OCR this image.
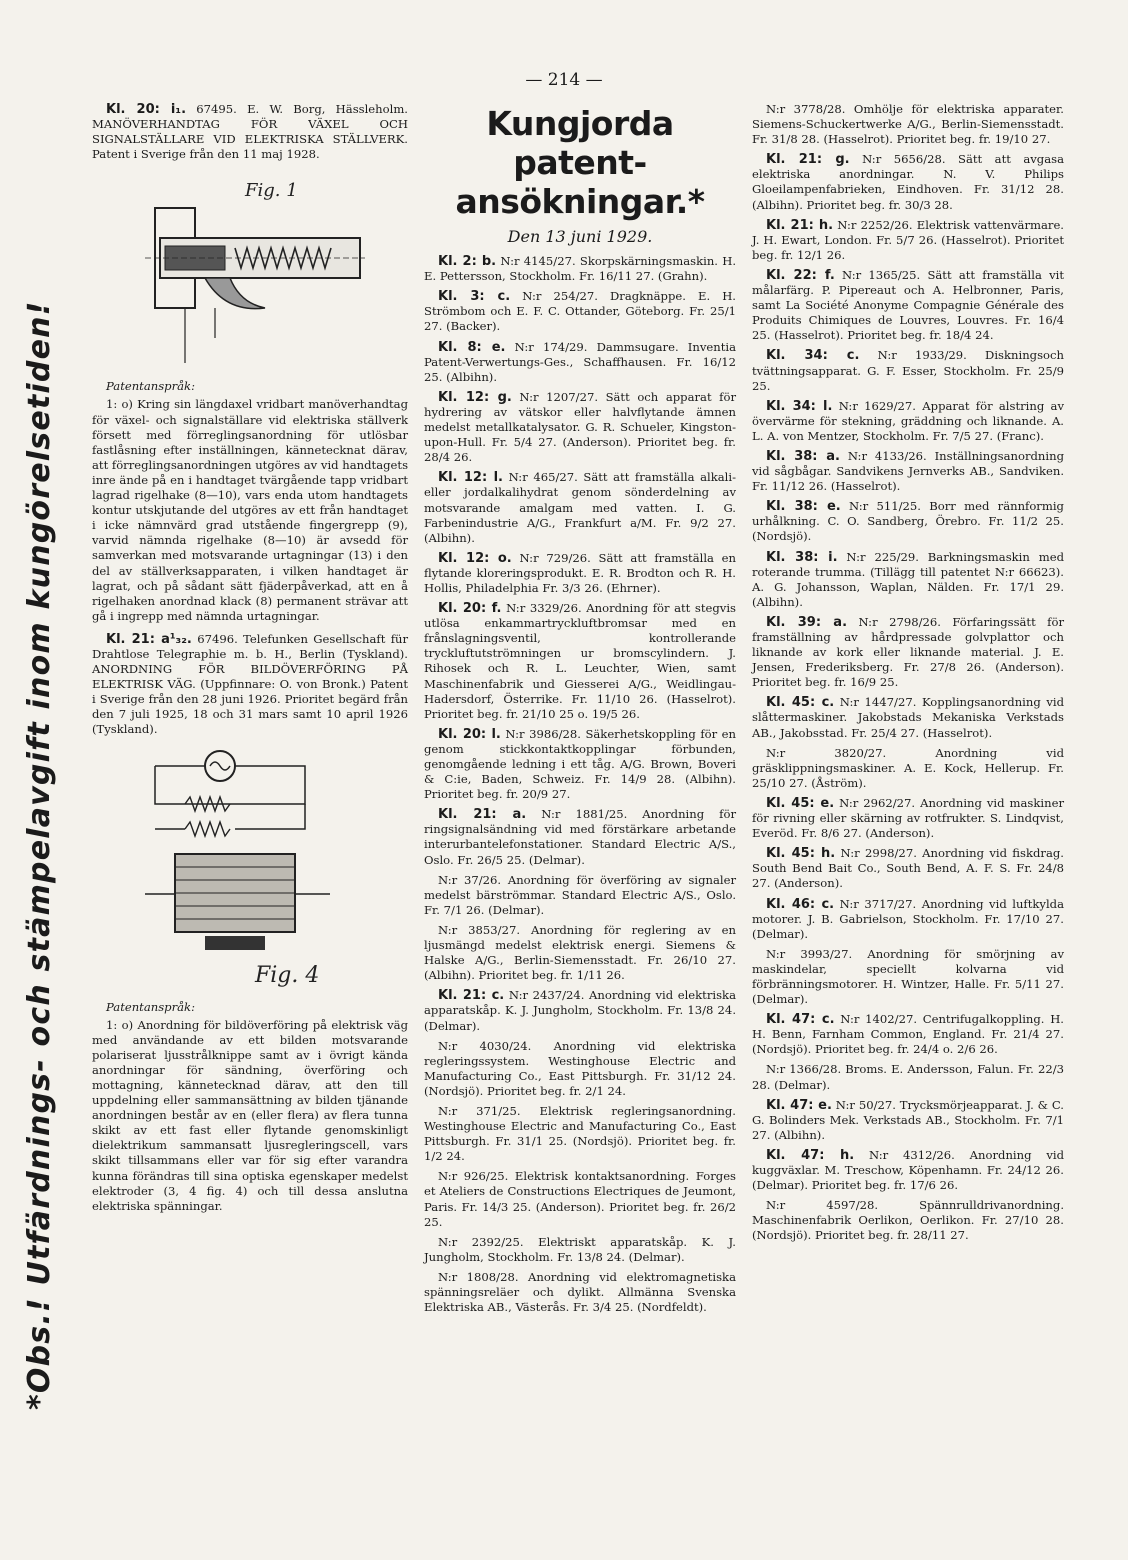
— 214 —
*Obs.! Utfärdnings- och stämpelavgift inom kungörelsetiden!

Kl. 20: i₁. 67495. E. W. Borg, Hässleholm. MANÖVERHANDTAG FÖR VÄXEL OCH SIGNALSTÄLLARE VID ELEKTRISKA STÄLLVERK. Patent i Sverige från den 11 maj 1928.

Fig. 1
Patentanspråk:

1: o) Kring sin längdaxel vridbart manöverhandtag för växel- och signalställare vid elektriska ställverk försett med förreglingsanordning för utlösbar fastlåsning efter inställningen, kännetecknat därav, att förreglingsanordningen utgöres av vid handtagets inre ände på en i handtaget tvärgående tapp vridbart lagrad rigelhake (8—10), vars enda utom handtagets kontur utskjutande del utgöres av ett från handtaget i icke nämnvärd grad utstående fingergrepp (9), varvid nämnda rigelhake (8—10) är avsedd för samverkan med motsvarande urtagningar (13) i den del av ställverksapparaten, i vilken handtaget är lagrat, och på sådant sätt fjäderpåverkad, att en å rigelhaken anordnad klack (8) permanent strävar att gå i ingrepp med nämnda urtagningar.

Kl. 21: a¹₃₂. 67496. Telefunken Gesellschaft für Drahtlose Telegraphie m. b. H., Berlin (Tyskland). ANORDNING FÖR BILDÖVERFÖRING PÅ ELEKTRISK VÄG. (Uppfinnare: O. von Bronk.) Patent i Sverige från den 28 juni 1926. Prioritet begärd från den 7 juli 1925, 18 och 31 mars samt 10 april 1926 (Tyskland).

Fig. 4
Patentanspråk:

1: o) Anordning för bildöverföring på elektrisk väg med användande av ett bilden motsvarande polariserat ljusstrålknippe samt av i övrigt kända anordningar för sändning, överföring och mottagning, kännetecknad därav, att den till uppdelning eller sammansättning av bilden tjänande anordningen består av en (eller flera) av flera tunna skikt av ett fast eller flytande genomskinligt dielektrikum sammansatt ljusregleringscell, vars skikt tillsammans eller var för sig efter varandra kunna förändras till sina optiska egenskaper medelst elektroder (3, 4 fig. 4) och till dessa anslutna elektriska spänningar.

Kungjorda patent-ansökningar.*
Den 13 juni 1929.

Kl. 2: b. N:r 4145/27. Skorpskärningsmaskin. H. E. Pettersson, Stockholm. Fr. 16/11 27. (Grahn).

Kl. 3: c. N:r 254/27. Dragknäppe. E. H. Strömbom och E. F. C. Ottander, Göteborg. Fr. 25/1 27. (Backer).

Kl. 8: e. N:r 174/29. Dammsugare. Inventia Patent-Verwertungs-Ges., Schaffhausen. Fr. 16/12 25. (Albihn).

Kl. 12: g. N:r 1207/27. Sätt och apparat för hydrering av vätskor eller halvflytande ämnen medelst metallkatalysator. G. R. Schueler, Kingston-upon-Hull. Fr. 5/4 27. (Anderson). Prioritet beg. fr. 28/4 26.

Kl. 12: l. N:r 465/27. Sätt att framställa alkali- eller jordalkalihydrat genom sönderdelning av motsvarande amalgam med vatten. I. G. Farbenindustrie A/G., Frankfurt a/M. Fr. 9/2 27. (Albihn).

Kl. 12: o. N:r 729/26. Sätt att framställa en flytande kloreringsprodukt. E. R. Brodton och R. H. Hollis, Philadelphia Fr. 3/3 26. (Ehrner).

Kl. 20: f. N:r 3329/26. Anordning för att stegvis utlösa enkammartryckluftbromsar med en frånslagningsventil, kontrollerande tryckluftutströmningen ur bromscylindern. J. Rihosek och R. L. Leuchter, Wien, samt Maschinenfabrik und Giesserei A/G., Weidlingau-Hadersdorf, Österrike. Fr. 11/10 26. (Hasselrot). Prioritet beg. fr. 21/10 25 o. 19/5 26.

Kl. 20: l. N:r 3986/28. Säkerhetskoppling för en genom stickkontaktkopplingar förbunden, genomgående ledning i ett tåg. A/G. Brown, Boveri & C:ie, Baden, Schweiz. Fr. 14/9 28. (Albihn). Prioritet beg. fr. 20/9 27.

Kl. 21: a. N:r 1881/25. Anordning för ringsignalsändning vid med förstärkare arbetande interurbantelefonstationer. Standard Electric A/S., Oslo. Fr. 26/5 25. (Delmar).

N:r 37/26. Anordning för överföring av signaler medelst bärströmmar. Standard Electric A/S., Oslo. Fr. 7/1 26. (Delmar).

N:r 3853/27. Anordning för reglering av en ljusmängd medelst elektrisk energi. Siemens & Halske A/G., Berlin-Siemensstadt. Fr. 26/10 27. (Albihn). Prioritet beg. fr. 1/11 26.

Kl. 21: c. N:r 2437/24. Anordning vid elektriska apparatskåp. K. J. Jungholm, Stockholm. Fr. 13/8 24. (Delmar).

N:r 4030/24. Anordning vid elektriska regleringssystem. Westinghouse Electric and Manufacturing Co., East Pittsburgh. Fr. 31/12 24. (Nordsjö). Prioritet beg. fr. 2/1 24.

N:r 371/25. Elektrisk regleringsanordning. Westinghouse Electric and Manufacturing Co., East Pittsburgh. Fr. 31/1 25. (Nordsjö). Prioritet beg. fr. 1/2 24.

N:r 926/25. Elektrisk kontaktsanordning. Forges et Ateliers de Constructions Electriques de Jeumont, Paris. Fr. 14/3 25. (Anderson). Prioritet beg. fr. 26/2 25.

N:r 2392/25. Elektriskt apparatskåp. K. J. Jungholm, Stockholm. Fr. 13/8 24. (Delmar).

N:r 1808/28. Anordning vid elektromagnetiska spänningsreläer och dylikt. Allmänna Svenska Elektriska AB., Västerås. Fr. 3/4 25. (Nordfeldt).

N:r 3778/28. Omhölje för elektriska apparater. Siemens-Schuckertwerke A/G., Berlin-Siemensstadt. Fr. 31/8 28. (Hasselrot). Prioritet beg. fr. 19/10 27.

Kl. 21: g. N:r 5656/28. Sätt att avgasa elektriska anordningar. N. V. Philips Gloeilampenfabrieken, Eindhoven. Fr. 31/12 28. (Albihn). Prioritet beg. fr. 30/3 28.

Kl. 21: h. N:r 2252/26. Elektrisk vattenvärmare. J. H. Ewart, London. Fr. 5/7 26. (Hasselrot). Prioritet beg. fr. 12/1 26.

Kl. 22: f. N:r 1365/25. Sätt att framställa vit målarfärg. P. Pipereaut och A. Helbronner, Paris, samt La Société Anonyme Compagnie Générale des Produits Chimiques de Louvres, Louvres. Fr. 16/4 25. (Hasselrot). Prioritet beg. fr. 18/4 24.

Kl. 34: c. N:r 1933/29. Diskningsoch tvättningsapparat. G. F. Esser, Stockholm. Fr. 25/9 25.

Kl. 34: l. N:r 1629/27. Apparat för alstring av övervärme för stekning, gräddning och liknande. A. L. A. von Mentzer, Stockholm. Fr. 7/5 27. (Franc).

Kl. 38: a. N:r 4133/26. Inställningsanordning vid sågbågar. Sandvikens Jernverks AB., Sandviken. Fr. 11/12 26. (Hasselrot).

Kl. 38: e. N:r 511/25. Borr med rännformig urhålkning. C. O. Sandberg, Örebro. Fr. 11/2 25. (Nordsjö).

Kl. 38: i. N:r 225/29. Barkningsmaskin med roterande trumma. (Tillägg till patentet N:r 66623). A. G. Johansson, Waplan, Nälden. Fr. 17/1 29. (Albihn).

Kl. 39: a. N:r 2798/26. Förfaringssätt för framställning av hårdpressade golvplattor och liknande av kork eller liknande material. J. E. Jensen, Frederiksberg. Fr. 27/8 26. (Anderson). Prioritet beg. fr. 16/9 25.

Kl. 45: c. N:r 1447/27. Kopplingsanordning vid slåttermaskiner. Jakobstads Mekaniska Verkstads AB., Jakobsstad. Fr. 25/4 27. (Hasselrot).

N:r 3820/27. Anordning vid gräsklippningsmaskiner. A. E. Kock, Hellerup. Fr. 25/10 27. (Åström).

Kl. 45: e. N:r 2962/27. Anordning vid maskiner för rivning eller skärning av rotfrukter. S. Lindqvist, Everöd. Fr. 8/6 27. (Anderson).

Kl. 45: h. N:r 2998/27. Anordning vid fiskdrag. South Bend Bait Co., South Bend, A. F. S. Fr. 24/8 27. (Anderson).

Kl. 46: c. N:r 3717/27. Anordning vid luftkylda motorer. J. B. Gabrielson, Stockholm. Fr. 17/10 27. (Delmar).

N:r 3993/27. Anordning för smörjning av maskindelar, speciellt kolvarna vid förbränningsmotorer. H. Wintzer, Halle. Fr. 5/11 27. (Delmar).

Kl. 47: c. N:r 1402/27. Centrifugalkoppling. H. H. Benn, Farnham Common, England. Fr. 21/4 27. (Nordsjö). Prioritet beg. fr. 24/4 o. 2/6 26.

N:r 1366/28. Broms. E. Andersson, Falun. Fr. 22/3 28. (Delmar).

Kl. 47: e. N:r 50/27. Trycksmörjeapparat. J. & C. G. Bolinders Mek. Verkstads AB., Stockholm. Fr. 7/1 27. (Albihn).

Kl. 47: h. N:r 4312/26. Anordning vid kuggväxlar. M. Treschow, Köpenhamn. Fr. 24/12 26. (Delmar). Prioritet beg. fr. 17/6 26.

N:r 4597/28. Spännrulldrivanordning. Maschinenfabrik Oerlikon, Oerlikon. Fr. 27/10 28. (Nordsjö). Prioritet beg. fr. 28/11 27.
